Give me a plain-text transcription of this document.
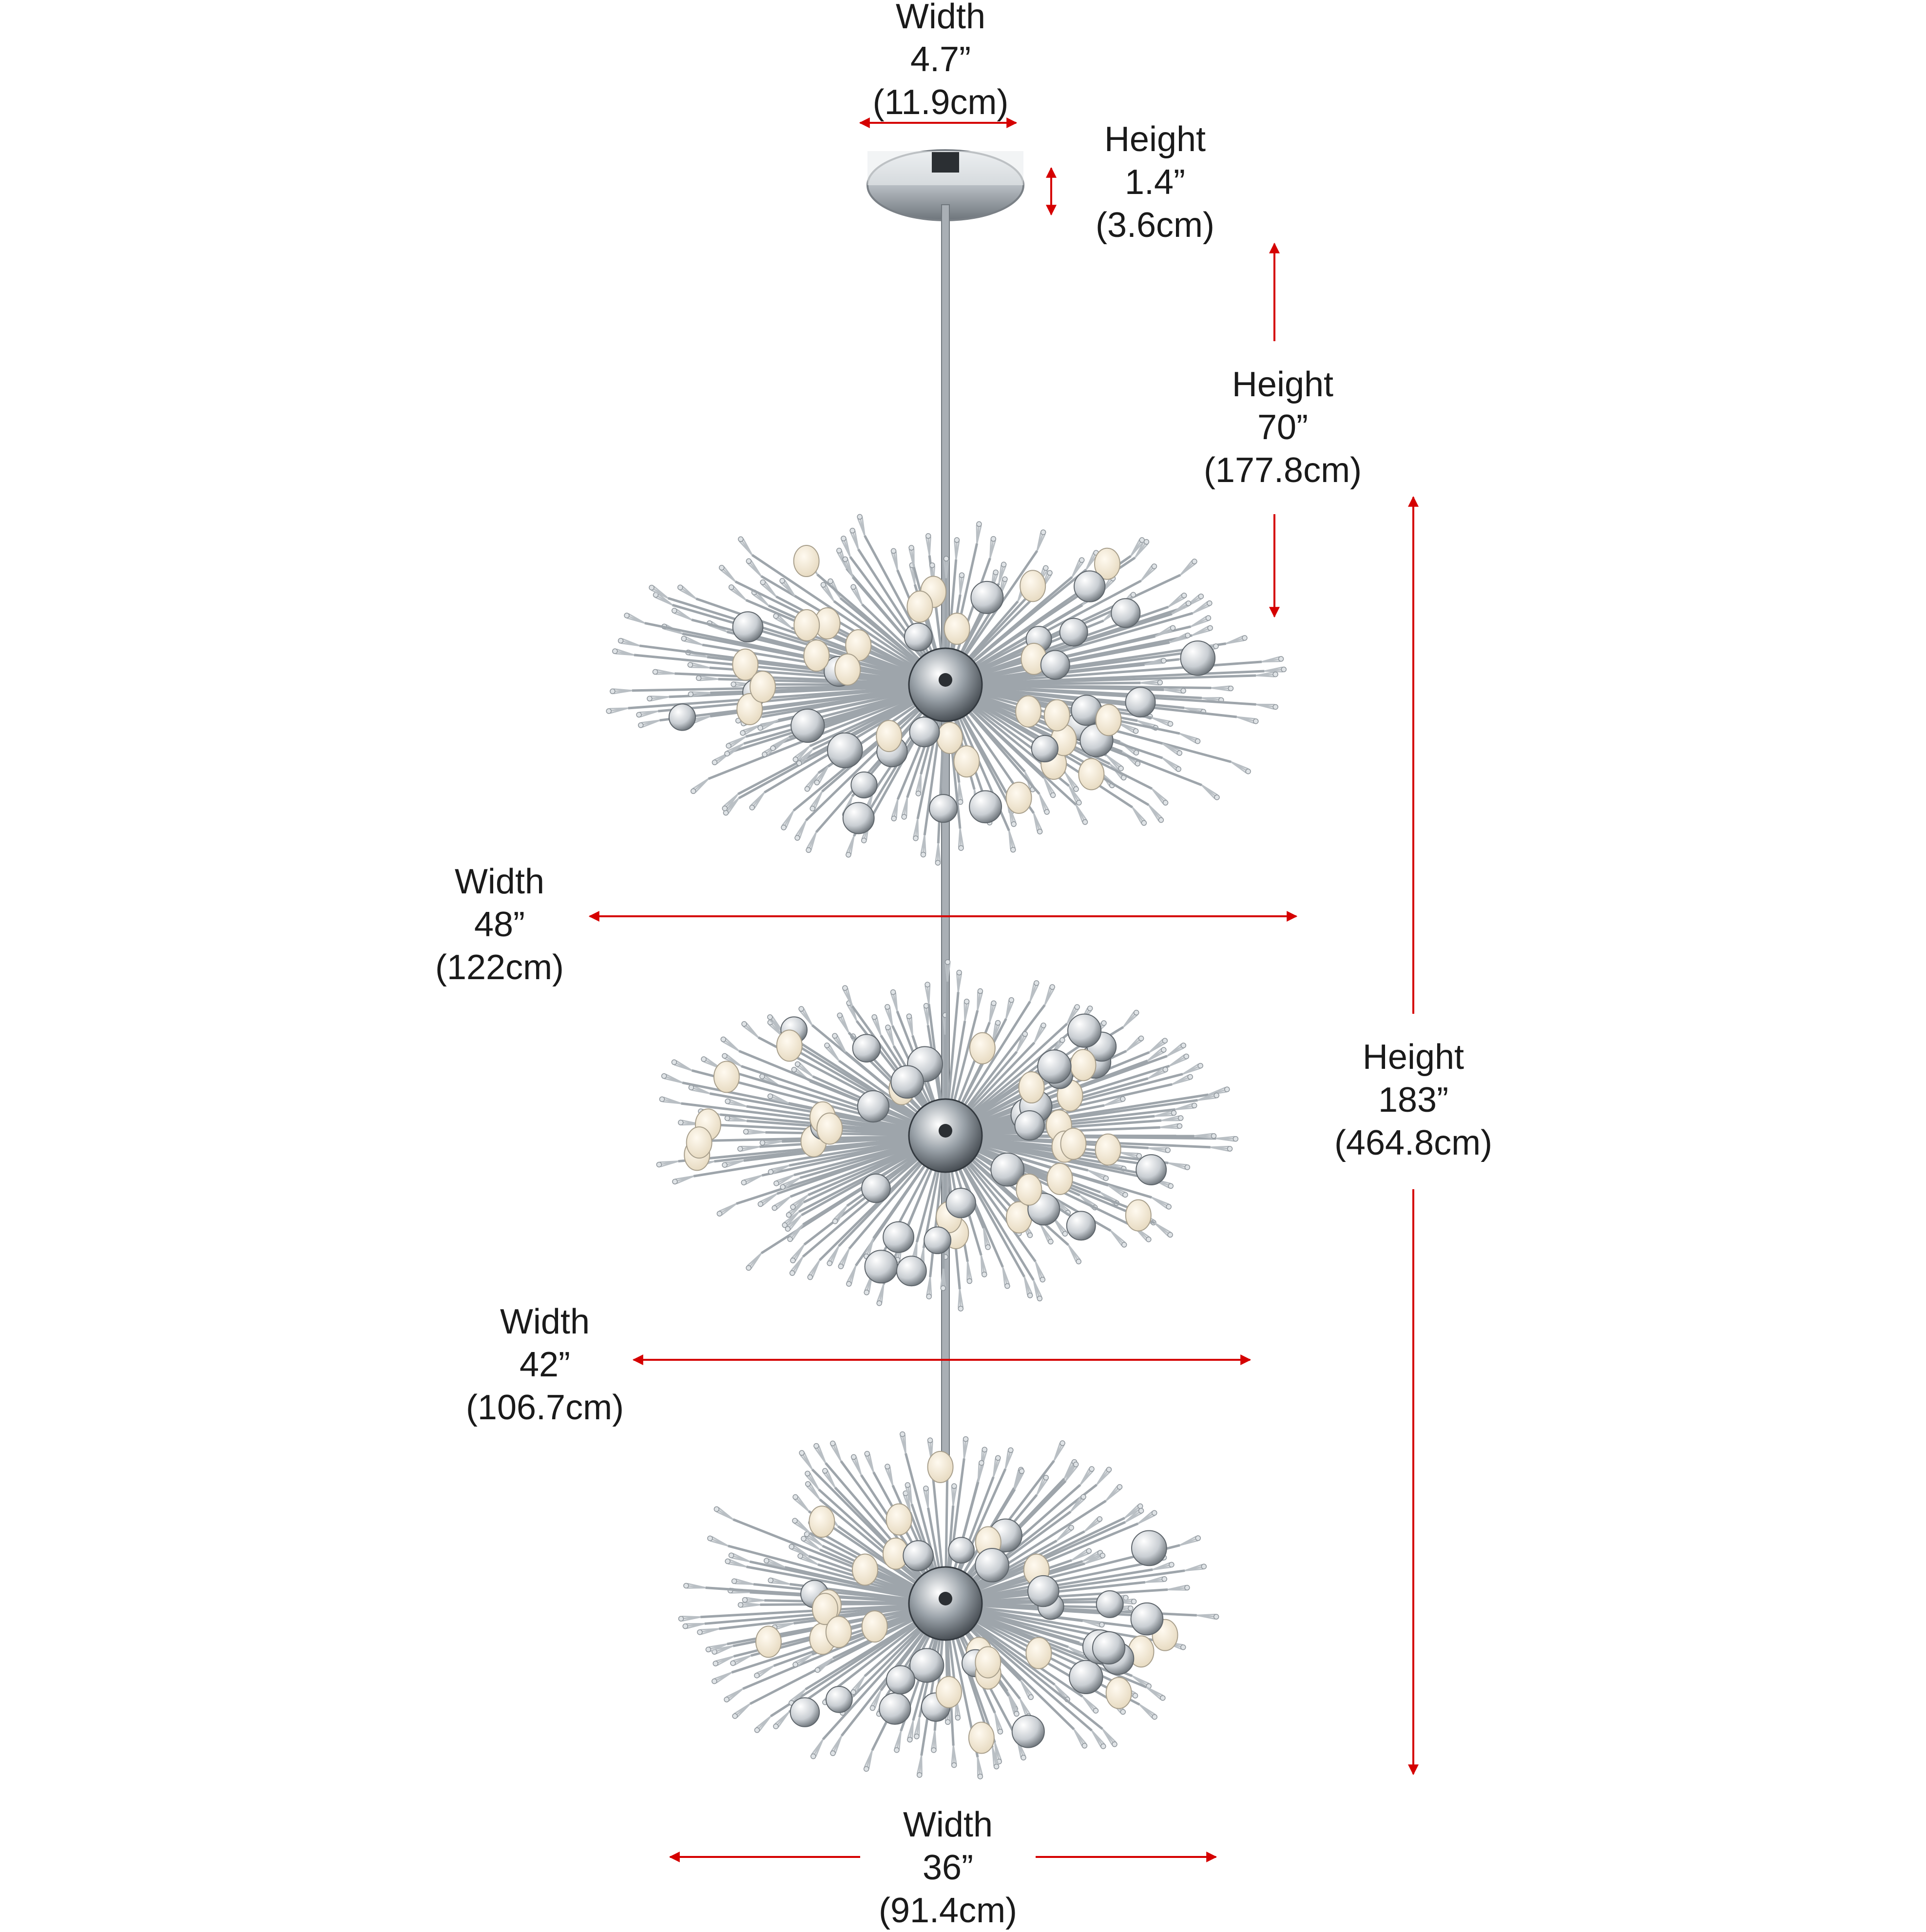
Width
4.7”
(11.9cm)
Height
1.4”
(3.6cm)
Height
70”
(177.8cm)
Height
183”
(464.8cm)
Width
48”
(122cm)
Width
42”
(106.7cm)
Width
36”
(91.4cm)
